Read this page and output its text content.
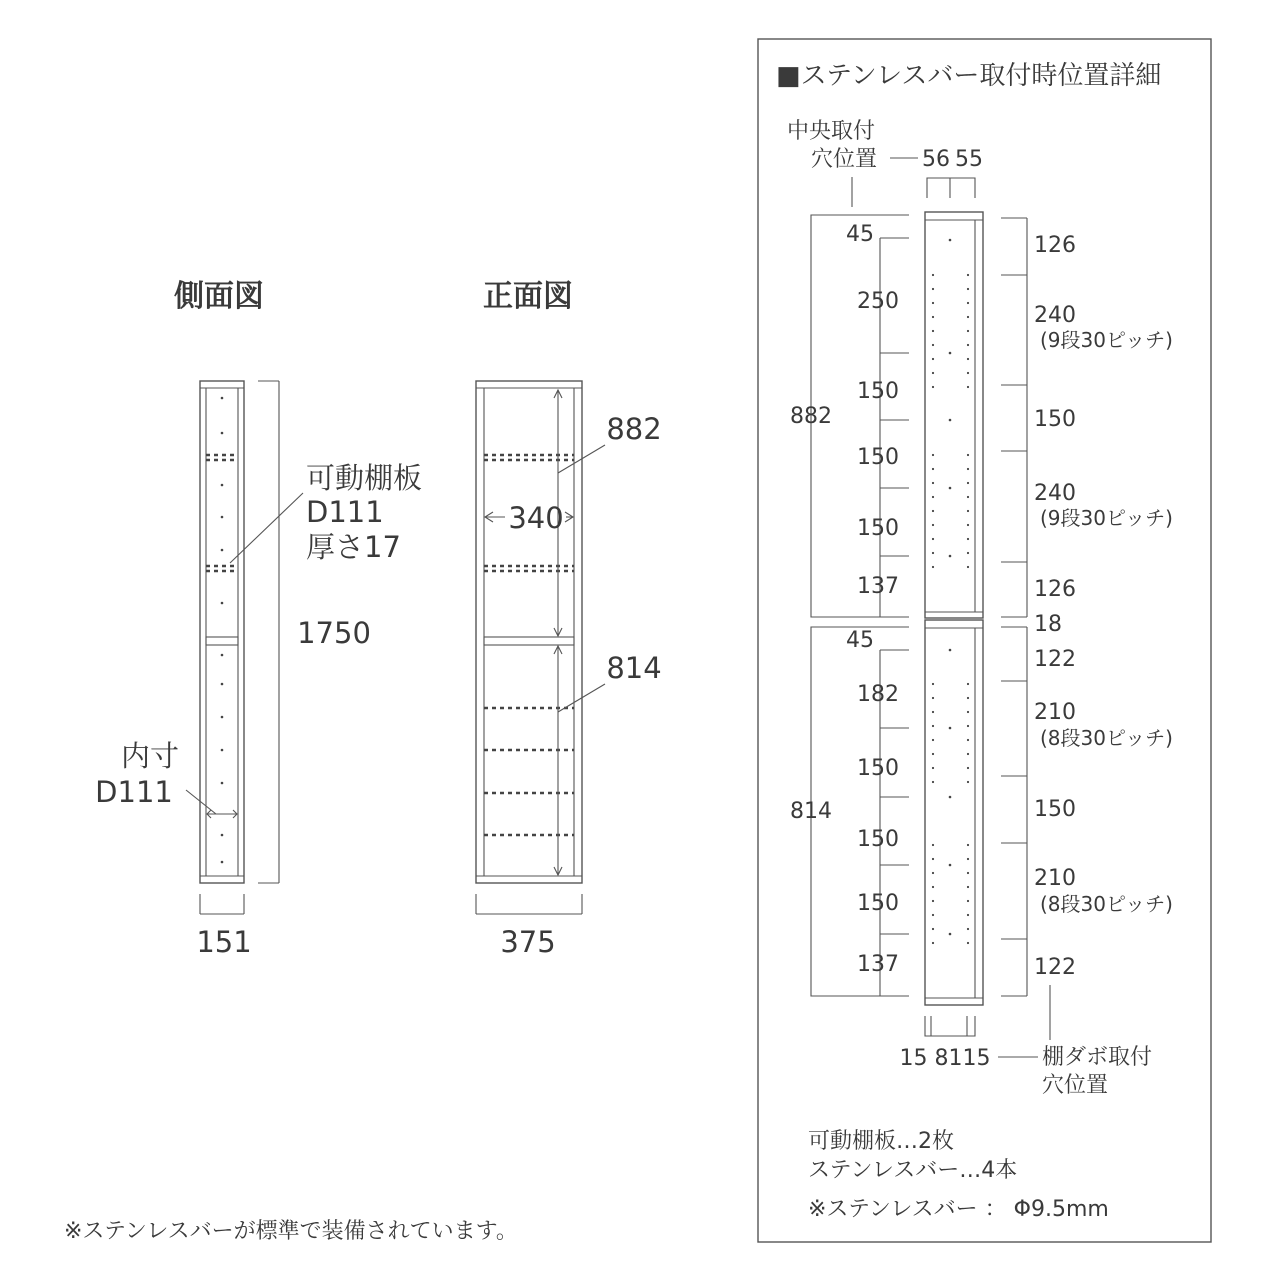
側面図
可動棚板
D111
厚さ17
1750
内寸
D111
151
正面図
882
340
814
375
■ステンレスバー取付時位置詳細
中央取付
穴位置 56 55
882
814
45
250
150
150
150
137
45
182
150
150
150
137
126
240
(9段30ピッチ)
150
240
(9段30ピッチ)
126
18
122
210
(8段30ピッチ)
150
210
(8段30ピッチ)
122
15 8115 棚ダボ取付
穴位置
可動棚板…2枚
ステンレスバー…4本
※ステンレスバー ： Φ9.5mm
※ステンレスバーが標準で装備されています。
